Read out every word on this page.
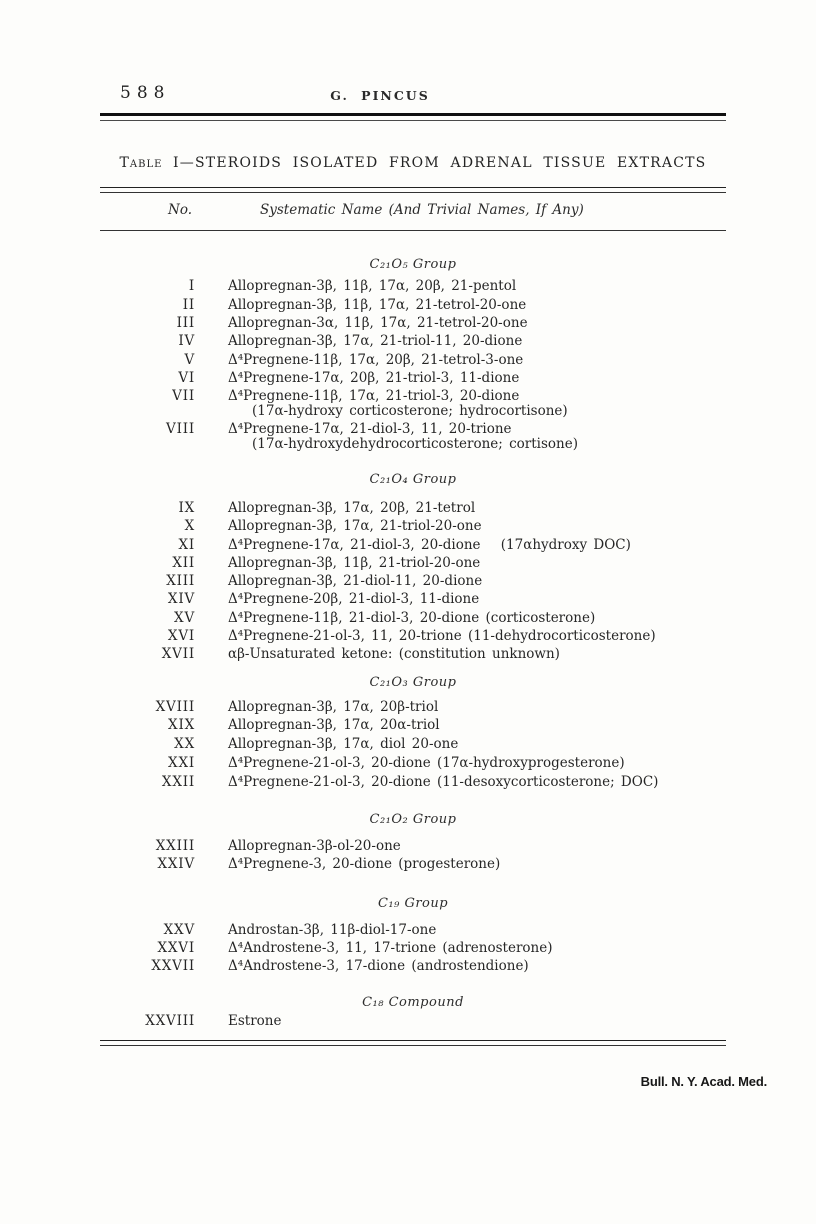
588	G. PINCUS
Table I—STEROIDS ISOLATED FROM ADRENAL TISSUE EXTRACTS
No.	Systematic Name (And Trivial Names, If Any)
C₂₁O₅ Group
I Allopregnan-3β, 11β, 17α, 20β, 21-pentol
II Allopregnan-3β, 11β, 17α, 21-tetrol-20-one
III Allopregnan-3α, 11β, 17α, 21-tetrol-20-one
IV Allopregnan-3β, 17α, 21-triol-11, 20-dione
V Δ⁴Pregnene-11β, 17α, 20β, 21-tetrol-3-one
VI Δ⁴Pregnene-17α, 20β, 21-triol-3, 11-dione
VII Δ⁴Pregnene-11β, 17α, 21-triol-3, 20-dione
(17α-hydroxy corticosterone; hydrocortisone)
VIII Δ⁴Pregnene-17α, 21-diol-3, 11, 20-trione
(17α-hydroxydehydrocorticosterone; cortisone)
C₂₁O₄ Group
IX Allopregnan-3β, 17α, 20β, 21-tetrol
X Allopregnan-3β, 17α, 21-triol-20-one
XI Δ⁴Pregnene-17α, 21-diol-3, 20-dione  (17αhydroxy DOC)
XII Allopregnan-3β, 11β, 21-triol-20-one
XIII Allopregnan-3β, 21-diol-11, 20-dione
XIV Δ⁴Pregnene-20β, 21-diol-3, 11-dione
XV Δ⁴Pregnene-11β, 21-diol-3, 20-dione (corticosterone)
XVI Δ⁴Pregnene-21-ol-3, 11, 20-trione (11-dehydrocorticosterone)
XVII αβ-Unsaturated ketone: (constitution unknown)
C₂₁O₃ Group
XVIII Allopregnan-3β, 17α, 20β-triol
XIX Allopregnan-3β, 17α, 20α-triol
XX Allopregnan-3β, 17α, diol 20-one
XXI Δ⁴Pregnene-21-ol-3, 20-dione (17α-hydroxyprogesterone)
XXII Δ⁴Pregnene-21-ol-3, 20-dione (11-desoxycorticosterone; DOC)
C₂₁O₂ Group
XXIII Allopregnan-3β-ol-20-one
XXIV Δ⁴Pregnene-3, 20-dione (progesterone)
C₁₉ Group
XXV Androstan-3β, 11β-diol-17-one
XXVI Δ⁴Androstene-3, 11, 17-trione (adrenosterone)
XXVII Δ⁴Androstene-3, 17-dione (androstendione)
C₁₈ Compound
XXVIII Estrone
Bull. N. Y. Acad. Med.
